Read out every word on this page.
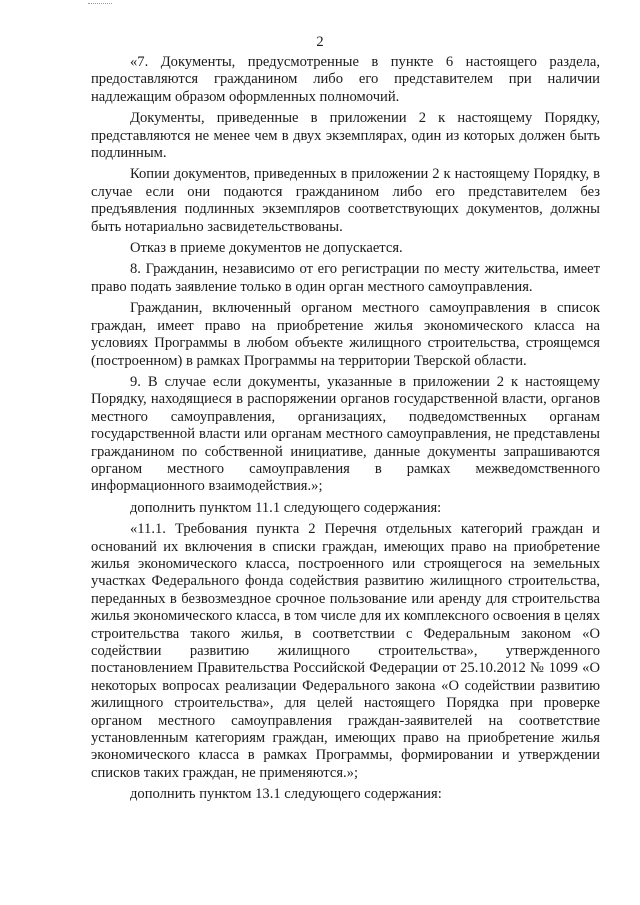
2

«7. Документы, предусмотренные в пункте 6 настоящего раздела, предоставляются гражданином либо его представителем при наличии надлежащим образом оформленных полномочий.

Документы, приведенные в приложении 2 к настоящему Порядку, представляются не менее чем в двух экземплярах, один из которых должен быть подлинным.

Копии документов, приведенных в приложении 2 к настоящему Порядку, в случае если они подаются гражданином либо его представителем без предъявления подлинных экземпляров соответствующих документов, должны быть нотариально засвидетельствованы.

Отказ в приеме документов не допускается.

8. Гражданин, независимо от его регистрации по месту жительства, имеет право подать заявление только в один орган местного самоуправления.

Гражданин, включенный органом местного самоуправления в список граждан, имеет право на приобретение жилья экономического класса на условиях Программы в любом объекте жилищного строительства, строящемся (построенном) в рамках Программы на территории Тверской области.

9. В случае если документы, указанные в приложении 2 к настоящему Порядку, находящиеся в распоряжении органов государственной власти, органов местного самоуправления, организациях, подведомственных органам государственной власти или органам местного самоуправления, не представлены гражданином по собственной инициативе, данные документы запрашиваются органом местного самоуправления в рамках межведомственного информационного взаимодействия.»;

дополнить пунктом 11.1 следующего содержания:

«11.1. Требования пункта 2 Перечня отдельных категорий граждан и оснований их включения в списки граждан, имеющих право на приобретение жилья экономического класса, построенного или строящегося на земельных участках Федерального фонда содействия развитию жилищного строительства, переданных в безвозмездное срочное пользование или аренду для строительства жилья экономического класса, в том числе для их комплексного освоения в целях строительства такого жилья, в соответствии с Федеральным законом «О содействии развитию жилищного строительства», утвержденного постановлением Правительства Российской Федерации от 25.10.2012 № 1099 «О некоторых вопросах реализации Федерального закона «О содействии развитию жилищного строительства», для целей настоящего Порядка при проверке органом местного самоуправления граждан-заявителей на соответствие установленным категориям граждан, имеющих право на приобретение жилья экономического класса в рамках Программы, формировании и утверждении списков таких граждан, не применяются.»;

дополнить пунктом 13.1 следующего содержания:
